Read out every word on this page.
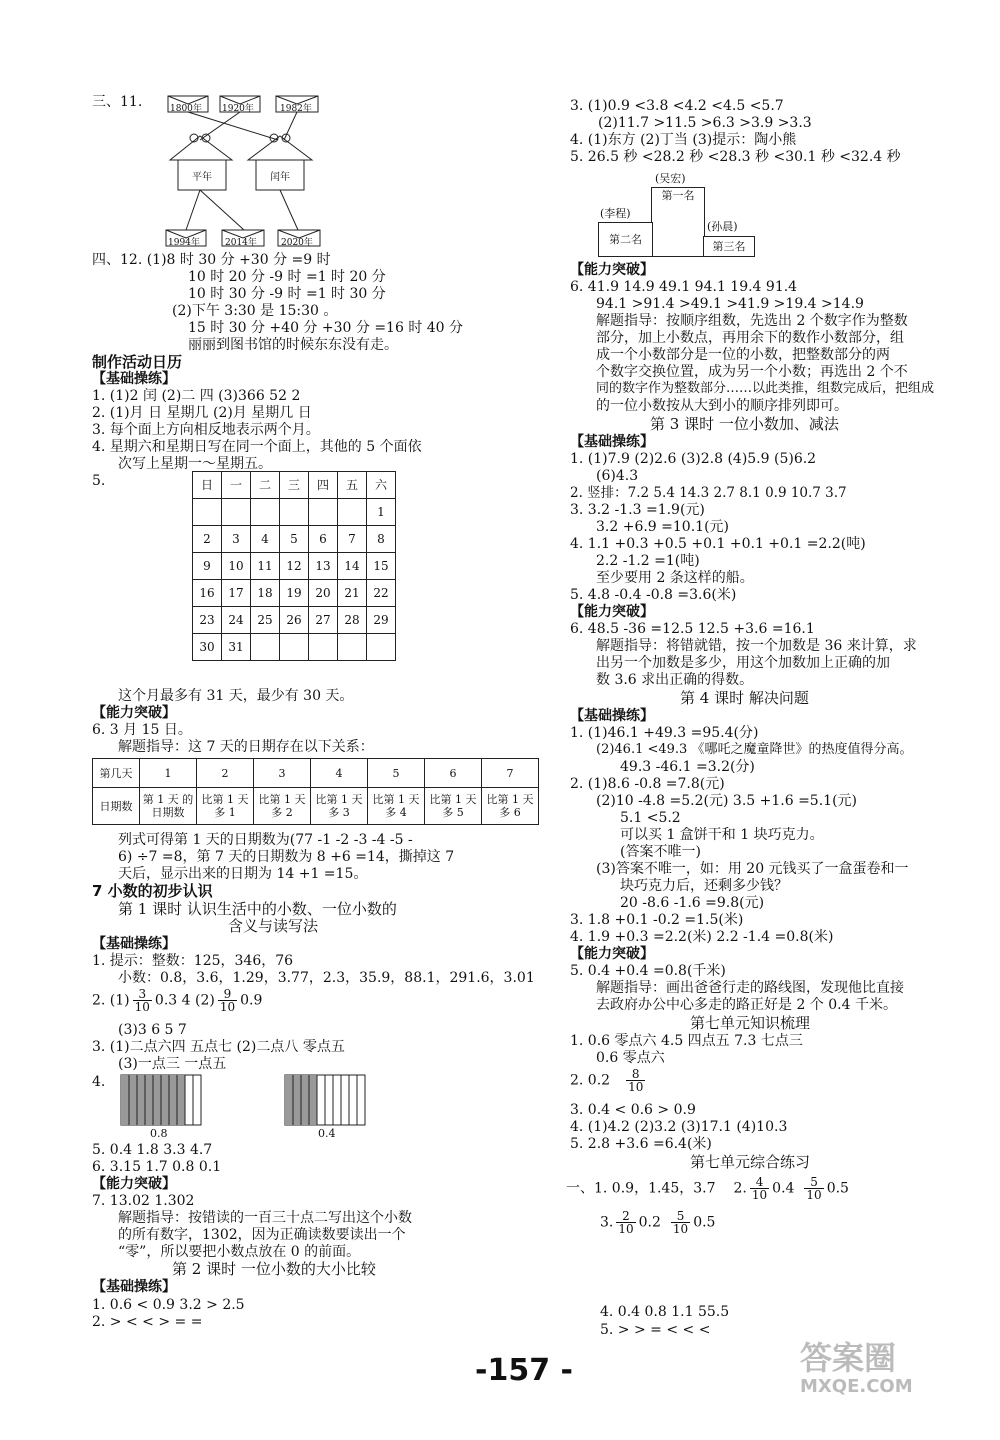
三、11.	1800年 1920年	1982年
平年	闰年
1994年	2014年	2020年
四、12. (1)8 时 30 分 +30 分 =9 时
10 时 20 分 -9 时 =1 时 20 分
10 时 30 分 -9 时 =1 时 30 分
(2)下午 3:30 是 15:30 。
15 时 30 分 +40 分 +30 分 =16 时 40 分
丽丽到图书馆的时候东东没有走。
制作活动日历
【基础操练】
1. (1)2 闰 (2)二 四 (3)366 52 2
2. (1)月 日 星期几 (2)月 星期几 日
3. 每个面上方向相反地表示两个月。
4. 星期六和星期日写在同一个面上，其他的 5 个面依
次写上星期一～星期五。
5.	日	一	二	三	四	五	六
						1
2	3	4	5	6	7	8
9	10	11	12	13	14	15
16	17	18	19	20	21	22
23	24	25	26	27	28	29
30	31					
这个月最多有 31 天，最少有 30 天。
【能力突破】
6. 3 月 15 日。
解题指导：这 7 天的日期存在以下关系：
第几天	1	2	3	4	5	6	7
日期数	第 1 天 的日期数	比第 1 天多 1	比第 1 天多 2	比第 1 天多 3	比第 1 天多 4	比第 1 天多 5	比第 1 天多 6
列式可得第 1 天的日期数为(77 -1 -2 -3 -4 -5 -
6) ÷7 =8，第 7 天的日期数为 8 +6 =14，撕掉这 7
天后，显示出来的日期为 14 +1 =15。
7 小数的初步认识
第 1 课时 认识生活中的小数、一位小数的
含义与读写法
【基础操练】
1. 提示：整数：125，346，76
小数：0.8，3.6，1.29，3.77，2.3，35.9，88.1，291.6，3.01
2. $(1) \frac{3}{10} 0.3$ 4 $(2) \frac{9}{10} 0.9$
(3)3 6 5 7
3. (1)二点六四 五点七 (2)二点八 零点五
(3)一点三 一点五
4.
0.8	0.4
5. 0.4 1.8 3.3 4.7
6. 3.15 1.7 0.8 0.1
【能力突破】
7. 13.02 1.302
解题指导：按错读的一百三十点二写出这个小数
的所有数字，1302，因为正确读数要读出一个
“零”，所以要把小数点放在 0 的前面。
第 2 课时 一位小数的大小比较
【基础操练】
1. 0.6 < 0.9 3.2 > 2.5
2. > < < > = =
3. (1)0.9 <3.8 <4.2 <4.5 <5.7
(2)11.7 >11.5 >6.3 >3.9 >3.3
4. (1)东方 (2)丁当 (3)提示：陶小熊
5. 26.5 秒 <28.2 秒 <28.3 秒 <30.1 秒 <32.4 秒
(吴宏)
(李程)
(孙晨)
第一名
第二名
第三名
【能力突破】
6. 41.9 14.9 49.1 94.1 19.4 91.4
94.1 >91.4 >49.1 >41.9 >19.4 >14.9
解题指导：按顺序组数，先选出 2 个数字作为整数
部分，加上小数点，再用余下的数作小数部分，组
成一个小数部分是一位的小数，把整数部分的两
个数字交换位置，成为另一个小数；再选出 2 个不
同的数字作为整数部分……以此类推，组数完成后，把组成
的一位小数按从大到小的顺序排列即可。
第 3 课时 一位小数加、减法
【基础操练】
1. (1)7.9 (2)2.6 (3)2.8 (4)5.9 (5)6.2
(6)4.3
2. 竖排：7.2 5.4 14.3 2.7 8.1 0.9 10.7 3.7
3. 3.2 -1.3 =1.9(元)
3.2 +6.9 =10.1(元)
4. 1.1 +0.3 +0.5 +0.1 +0.1 +0.1 =2.2(吨)
2.2 -1.2 =1(吨)
至少要用 2 条这样的船。
5. 4.8 -0.4 -0.8 =3.6(米)
【能力突破】
6. 48.5 -36 =12.5 12.5 +3.6 =16.1
解题指导：将错就错，按一个加数是 36 来计算，求
出另一个加数是多少，用这个加数加上正确的加
数 3.6 求出正确的得数。
第 4 课时 解决问题
【基础操练】
1. (1)46.1 +49.3 =95.4(分)
(2)46.1 <49.3 《哪吒之魔童降世》的热度值得分高。
49.3 -46.1 =3.2(分)
2. (1)8.6 -0.8 =7.8(元)
(2)10 -4.8 =5.2(元) 3.5 +1.6 =5.1(元)
5.1 <5.2
可以买 1 盒饼干和 1 块巧克力。
(答案不唯一)
(3)答案不唯一，如：用 20 元钱买了一盒蛋卷和一
块巧克力后，还剩多少钱？
20 -8.6 -1.6 =9.8(元)
3. 1.8 +0.1 -0.2 =1.5(米)
4. 1.9 +0.3 =2.2(米) 2.2 -1.4 =0.8(米)
【能力突破】
5. 0.4 +0.4 =0.8(千米)
解题指导：画出爸爸行走的路线图，发现他比直接
去政府办公中心多走的路正好是 2 个 0.4 千米。
第七单元知识梳理
1. 0.6 零点六 4.5 四点五 7.3 七点三
0.6 零点六
2. $0.2 \frac{8}{10}$
3. 0.4 < 0.6 > 0.9
4. (1)4.2 (2)3.2 (3)17.1 (4)10.3
5. 2.8 +3.6 =6.4(米)
第七单元综合练习
一、1. 0.9，1.45，3.7 2. $\frac{4}{10} 0.4 \frac{5}{10} 0.5$
3. $\frac{2}{10} 0.2 \frac{5}{10} 0.5$
4. 0.4 0.8 1.1 55.5
5. > > = < < <
-157 -	答案圈
MXQE.COM
